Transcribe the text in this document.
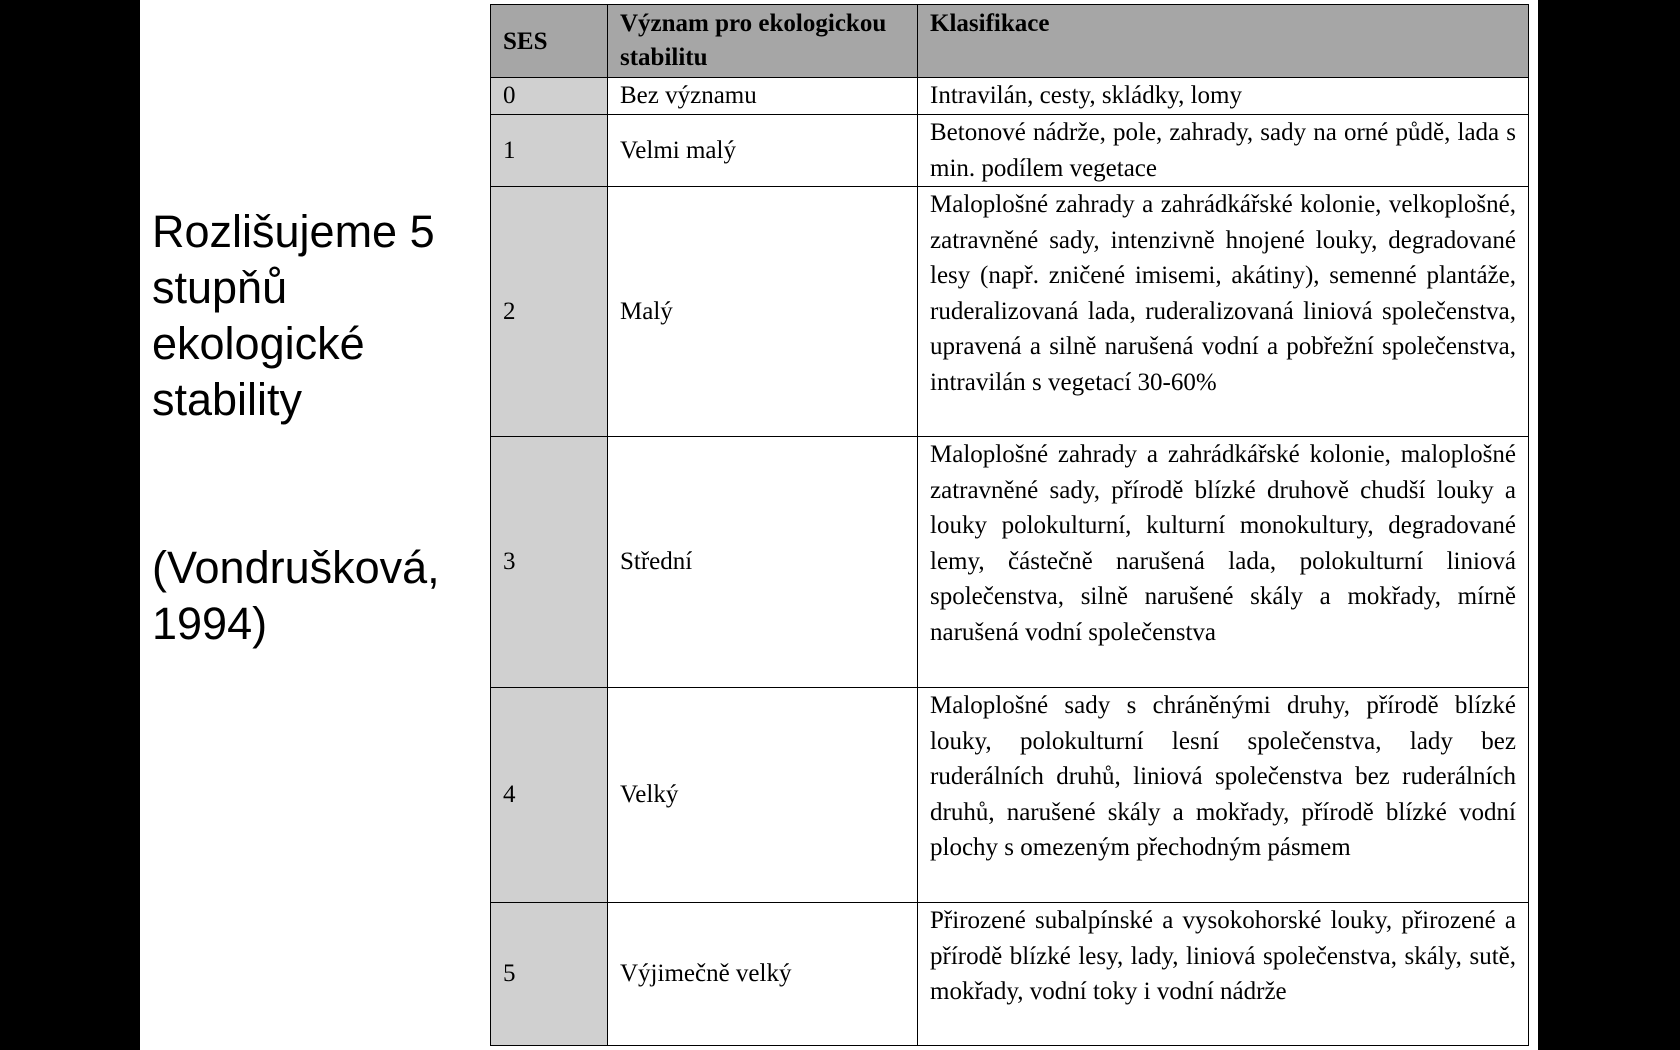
Rozlišujeme 5 stupňů
ekologické stability

(Vondrušková, 1994)
SES	Význam pro ekologickou stabilitu	Klasifikace
0	Bez významu	Intravilán, cesty, skládky, lomy
1	Velmi malý	Betonové nádrže, pole, zahrady, sady na orné půdě, lada s min. podílem vegetace
2	Malý	Maloplošné zahrady a zahrádkářské kolonie, velkoplošné, zatravněné sady, intenzivně hnojené louky, degradované lesy (např. zničené imisemi, akátiny), semenné plantáže, ruderalizovaná lada, ruderalizovaná liniová společenstva, upravená a silně narušená vodní a pobřežní společenstva, intravilán s vegetací 30-60%
3	Střední	Maloplošné zahrady a zahrádkářské kolonie, maloplošné zatravněné sady, přírodě blízké druhově chudší louky a louky polokulturní, kulturní monokultury, degradované lemy, částečně narušená lada, polokulturní liniová společenstva, silně narušené skály a mokřady, mírně narušená vodní společenstva
4	Velký	Maloplošné sady s chráněnými druhy, přírodě blízké louky, polokulturní lesní společenstva, lady bez ruderálních druhů, liniová společenstva bez ruderálních druhů, narušené skály a mokřady, přírodě blízké vodní plochy s omezeným přechodným pásmem
5	Výjimečně velký	Přirozené subalpínské a vysokohorské louky, přirozené a přírodě blízké lesy, lady, liniová společenstva, skály, sutě, mokřady, vodní toky i vodní nádrže
